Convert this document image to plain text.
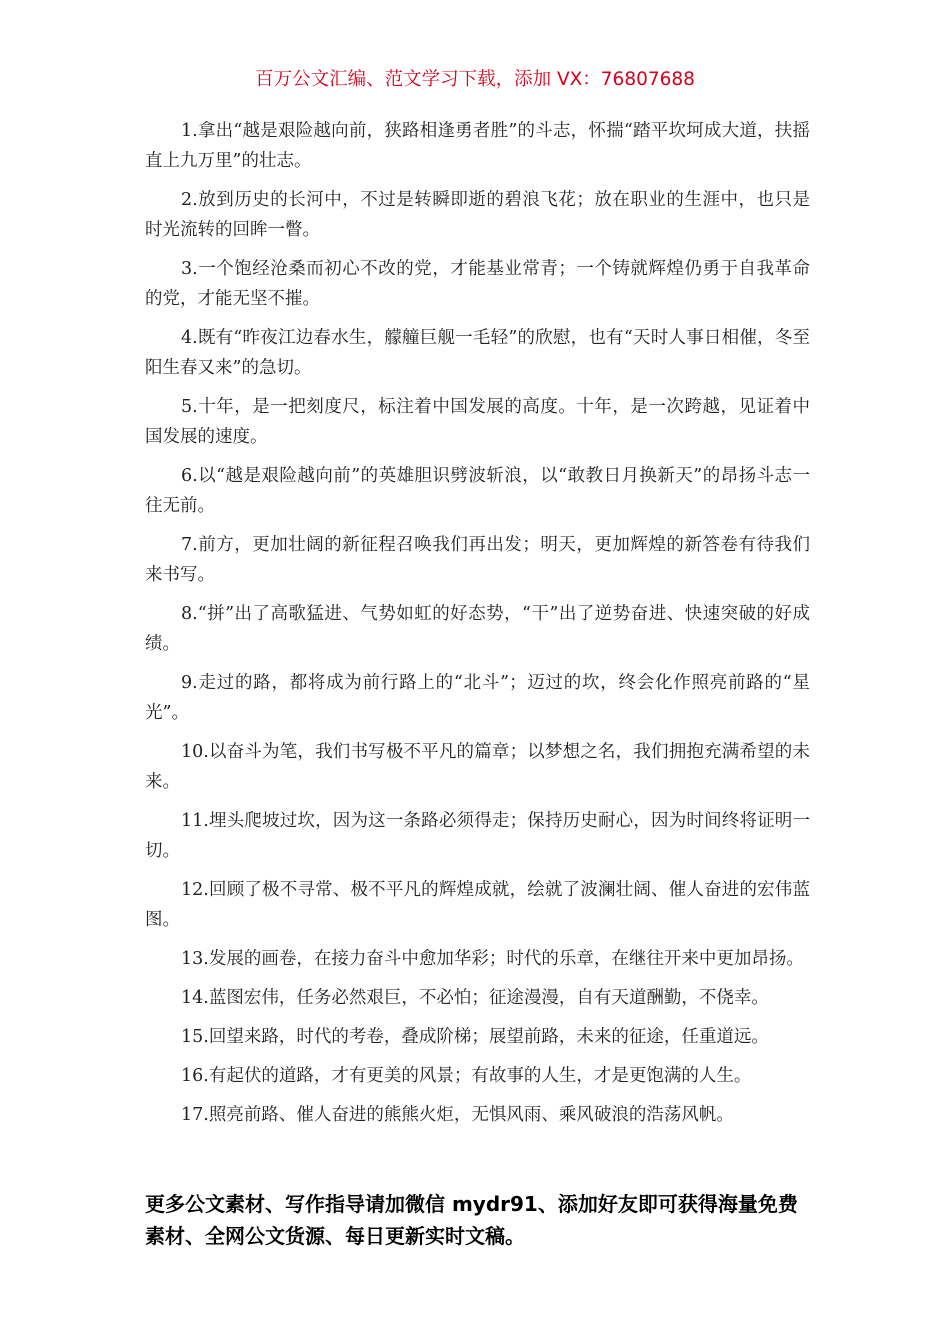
百万公文汇编、范文学习下载，添加 VX：76807688

1.拿出“越是艰险越向前，狭路相逢勇者胜”的斗志，怀揣“踏平坎坷成大道，扶摇直上九万里”的壮志。

2.放到历史的长河中，不过是转瞬即逝的碧浪飞花；放在职业的生涯中，也只是时光流转的回眸一瞥。

3.一个饱经沧桑而初心不改的党，才能基业常青；一个铸就辉煌仍勇于自我革命的党，才能无坚不摧。

4.既有“昨夜江边春水生，艨艟巨舰一毛轻”的欣慰，也有“天时人事日相催，冬至阳生春又来”的急切。

5.十年，是一把刻度尺，标注着中国发展的高度。十年，是一次跨越，见证着中国发展的速度。

6.以“越是艰险越向前”的英雄胆识劈波斩浪，以“敢教日月换新天”的昂扬斗志一往无前。

7.前方，更加壮阔的新征程召唤我们再出发；明天，更加辉煌的新答卷有待我们来书写。

8.“拼”出了高歌猛进、气势如虹的好态势，“干”出了逆势奋进、快速突破的好成绩。

9.走过的路，都将成为前行路上的“北斗”；迈过的坎，终会化作照亮前路的“星光”。

10.以奋斗为笔，我们书写极不平凡的篇章；以梦想之名，我们拥抱充满希望的未来。

11.埋头爬坡过坎，因为这一条路必须得走；保持历史耐心，因为时间终将证明一切。

12.回顾了极不寻常、极不平凡的辉煌成就，绘就了波澜壮阔、催人奋进的宏伟蓝图。

13.发展的画卷，在接力奋斗中愈加华彩；时代的乐章，在继往开来中更加昂扬。

14.蓝图宏伟，任务必然艰巨，不必怕；征途漫漫，自有天道酬勤，不侥幸。

15.回望来路，时代的考卷，叠成阶梯；展望前路，未来的征途，任重道远。

16.有起伏的道路，才有更美的风景；有故事的人生，才是更饱满的人生。

17.照亮前路、催人奋进的熊熊火炬，无惧风雨、乘风破浪的浩荡风帆。

更多公文素材、写作指导请加微信 mydr91、添加好友即可获得海量免费素材、全网公文货源、每日更新实时文稿。
